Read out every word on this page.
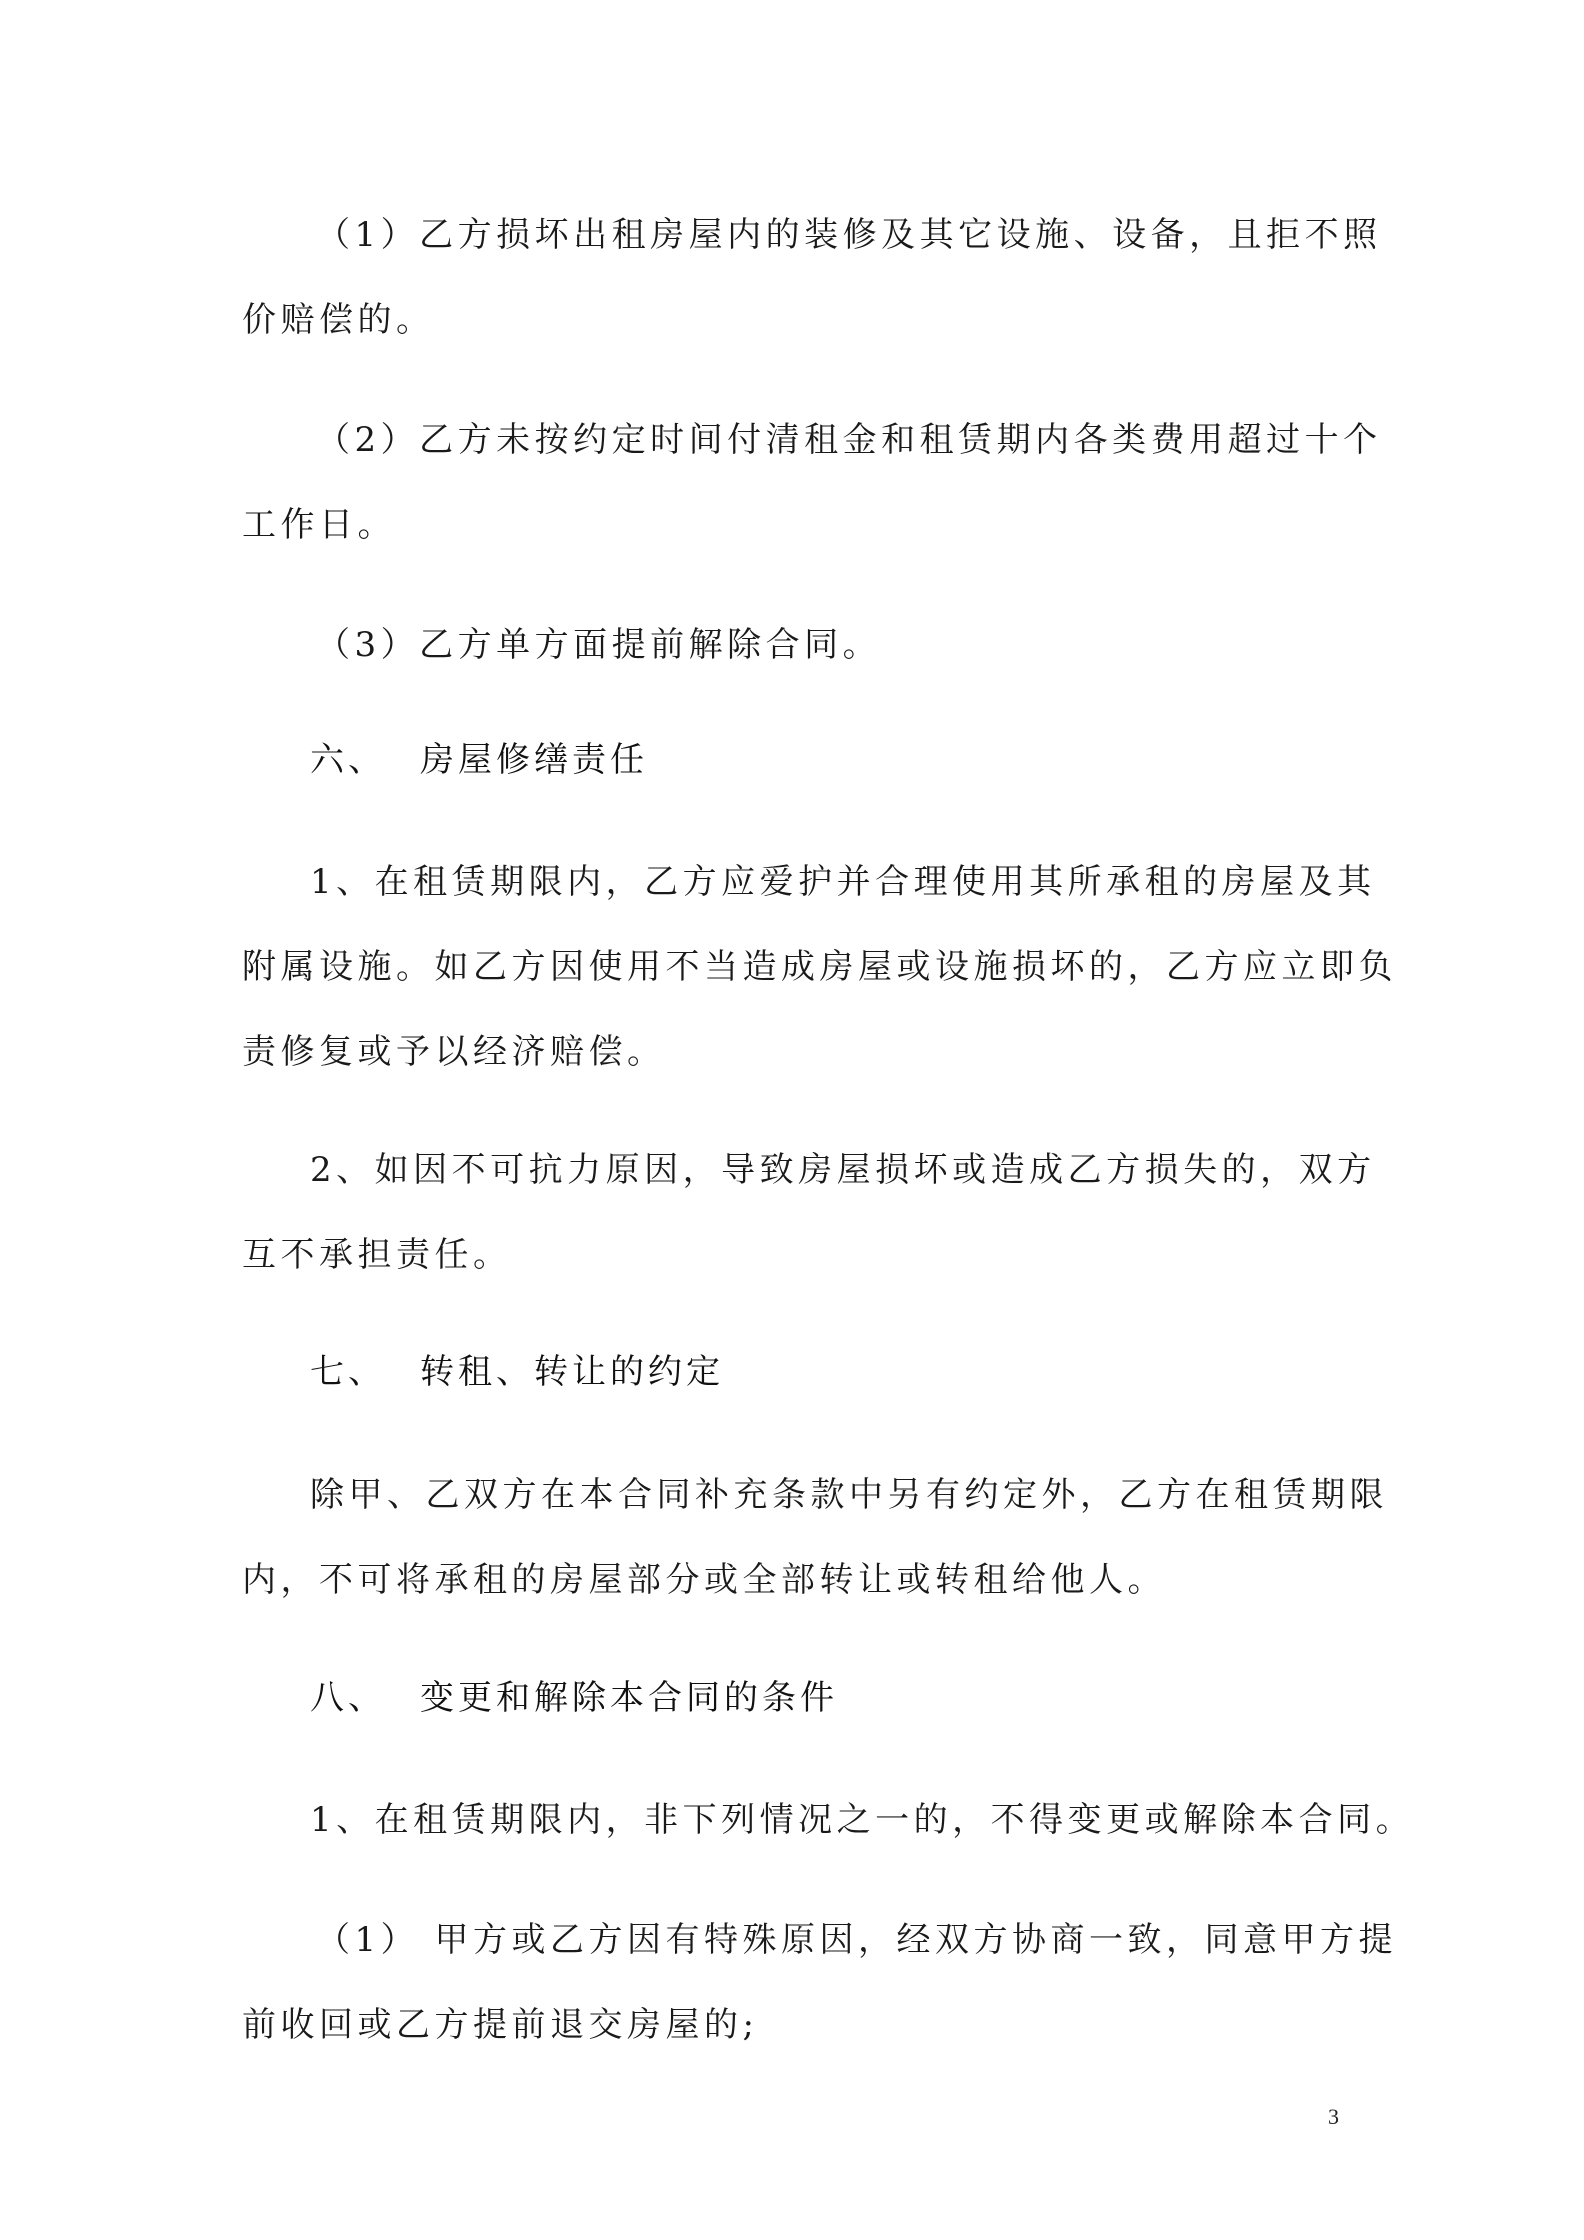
（1）乙方损坏出租房屋内的装修及其它设施、设备，且拒不照
价赔偿的。
（2）乙方未按约定时间付清租金和租赁期内各类费用超过十个
工作日。
（3）乙方单方面提前解除合同。
六、 房屋修缮责任
1、在租赁期限内，乙方应爱护并合理使用其所承租的房屋及其
附属设施。如乙方因使用不当造成房屋或设施损坏的，乙方应立即负
责修复或予以经济赔偿。
2、如因不可抗力原因，导致房屋损坏或造成乙方损失的，双方
互不承担责任。
七、 转租、转让的约定
除甲、乙双方在本合同补充条款中另有约定外，乙方在租赁期限
内，不可将承租的房屋部分或全部转让或转租给他人。
八、 变更和解除本合同的条件
1、在租赁期限内，非下列情况之一的，不得变更或解除本合同。
（1） 甲方或乙方因有特殊原因，经双方协商一致，同意甲方提
前收回或乙方提前退交房屋的;
3
